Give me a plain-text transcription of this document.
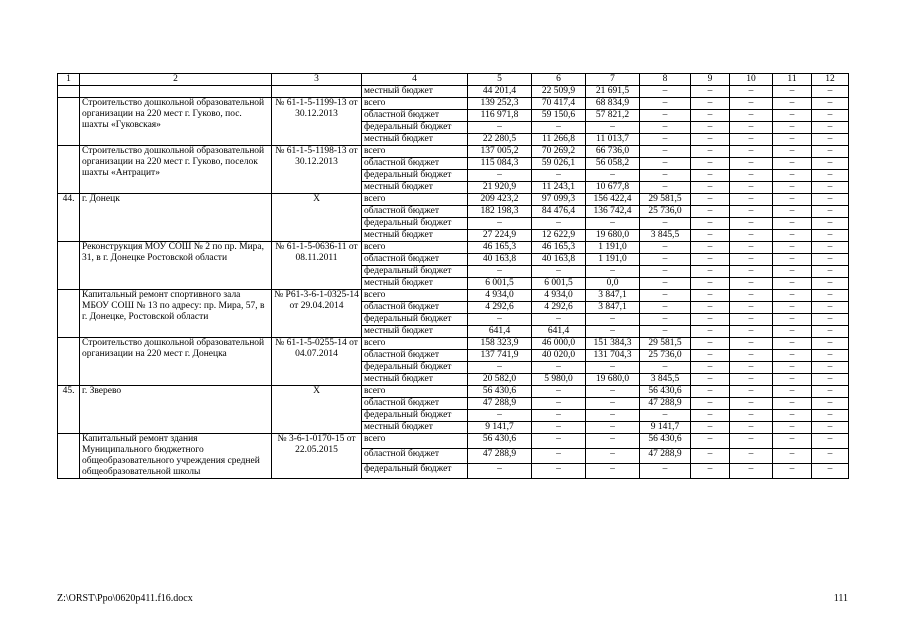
1	2	3	4	5	6	7	8	9	10	11	12
			местный бюджет	44 201,4	22 509,9	21 691,5	–	–	–	–	–
	Строительство дошкольной образовательной организации на 220 мест г. Гуково, пос. шахты «Гуковская»	№ 61-1-5-1199-13 от 30.12.2013	всего	139 252,3	70 417,4	68 834,9	–	–	–	–	–
			областной бюджет	116 971,8	59 150,6	57 821,2	–	–	–	–	–
			федеральный бюджет	–	–	–	–	–	–	–	–
			местный бюджет	22 280,5	11 266,8	11 013,7	–	–	–	–	–
	Строительство дошкольной образовательной организации на 220 мест г. Гуково, поселок шахты «Антрацит»	№ 61-1-5-1198-13 от 30.12.2013	всего	137 005,2	70 269,2	66 736,0	–	–	–	–	–
			областной бюджет	115 084,3	59 026,1	56 058,2	–	–	–	–	–
			федеральный бюджет	–	–	–	–	–	–	–	–
			местный бюджет	21 920,9	11 243,1	10 677,8	–	–	–	–	–
44.	г. Донецк	X	всего	209 423,2	97 099,3	156 422,4	29 581,5	–	–	–	–
			областной бюджет	182 198,3	84 476,4	136 742,4	25 736,0	–	–	–	–
			федеральный бюджет	–	–	–	–	–	–	–	–
			местный бюджет	27 224,9	12 622,9	19 680,0	3 845,5	–	–	–	–
	Реконструкция МОУ СОШ № 2 по пр. Мира, 31, в г. Донецке Ростовской области	№ 61-1-5-0636-11 от 08.11.2011	всего	46 165,3	46 165,3	1 191,0	–	–	–	–	–
			областной бюджет	40 163,8	40 163,8	1 191,0	–	–	–	–	–
			федеральный бюджет	–	–	–	–	–	–	–	–
			местный бюджет	6 001,5	6 001,5	0,0	–	–	–	–	–
	Капитальный ремонт спортивного зала МБОУ СОШ № 13 по адресу: пр. Мира, 57, в г. Донецке, Ростовской области	№ Р61-3-6-1-0325-14 от 29.04.2014	всего	4 934,0	4 934,0	3 847,1	–	–	–	–	–
			областной бюджет	4 292,6	4 292,6	3 847,1	–	–	–	–	–
			федеральный бюджет	–	–	–	–	–	–	–	–
			местный бюджет	641,4	641,4	–	–	–	–	–	–
	Строительство дошкольной образовательной организации на 220 мест г. Донецка	№ 61-1-5-0255-14 от 04.07.2014	всего	158 323,9	46 000,0	151 384,3	29 581,5	–	–	–	–
			областной бюджет	137 741,9	40 020,0	131 704,3	25 736,0	–	–	–	–
			федеральный бюджет	–	–	–	–	–	–	–	–
			местный бюджет	20 582,0	5 980,0	19 680,0	3 845,5	–	–	–	–
45.	г. Зверево	X	всего	56 430,6	–	–	56 430,6	–	–	–	–
			областной бюджет	47 288,9	–	–	47 288,9	–	–	–	–
			федеральный бюджет	–	–	–	–	–	–	–	–
			местный бюджет	9 141,7	–	–	9 141,7	–	–	–	–
	Капитальный ремонт здания Муниципального бюджетного общеобразовательного учреждения средней общеобразовательной школы	№ 3-6-1-0170-15 от 22.05.2015	всего	56 430,6	–	–	56 430,6	–	–	–	–
			областной бюджет	47 288,9	–	–	47 288,9	–	–	–	–
			федеральный бюджет	–	–	–	–	–	–	–	–
Z:\ORST\Ppo\0620p411.f16.docx	111
